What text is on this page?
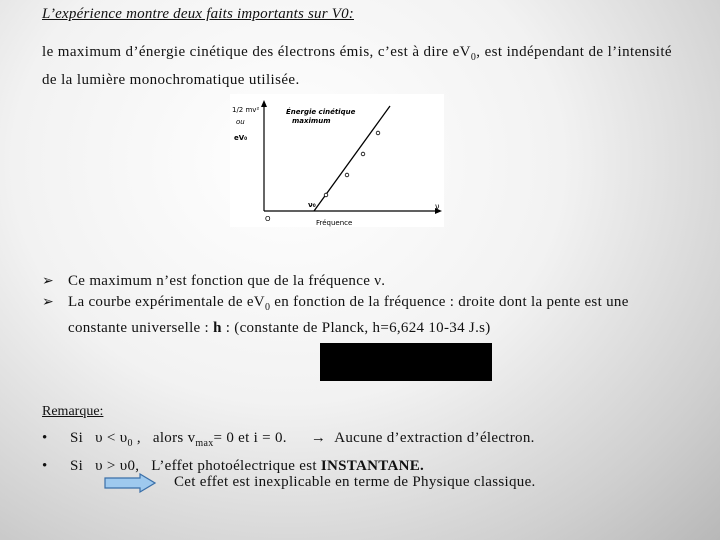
L’expérience montre deux faits importants sur V0:
le maximum d’énergie cinétique des électrons émis, c’est à dire $eV_0$, est indépendant de l’intensité de la lumière monochromatique utilisée.
1/2 mv²
ou
eV₀
Énergie cinétique
maximum
O
ν₀	ν
Fréquence
➢ Ce maximum n’est fonction que de la fréquence ν.
➢ La courbe expérimentale de $eV_0$ en fonction de la fréquence : droite dont la pente est une constante universelle : h : (constante de Planck, h=6,624 10-34 J.s)
Remarque:
• Si $\upsilon < \upsilon_0$ , alors $v_{max}= 0$ et i = 0. → Aucune d’extraction d’électron.
• Si υ > υ0, L’effet photoélectrique est INSTANTANE.
Cet effet est inexplicable en terme de Physique classique.
